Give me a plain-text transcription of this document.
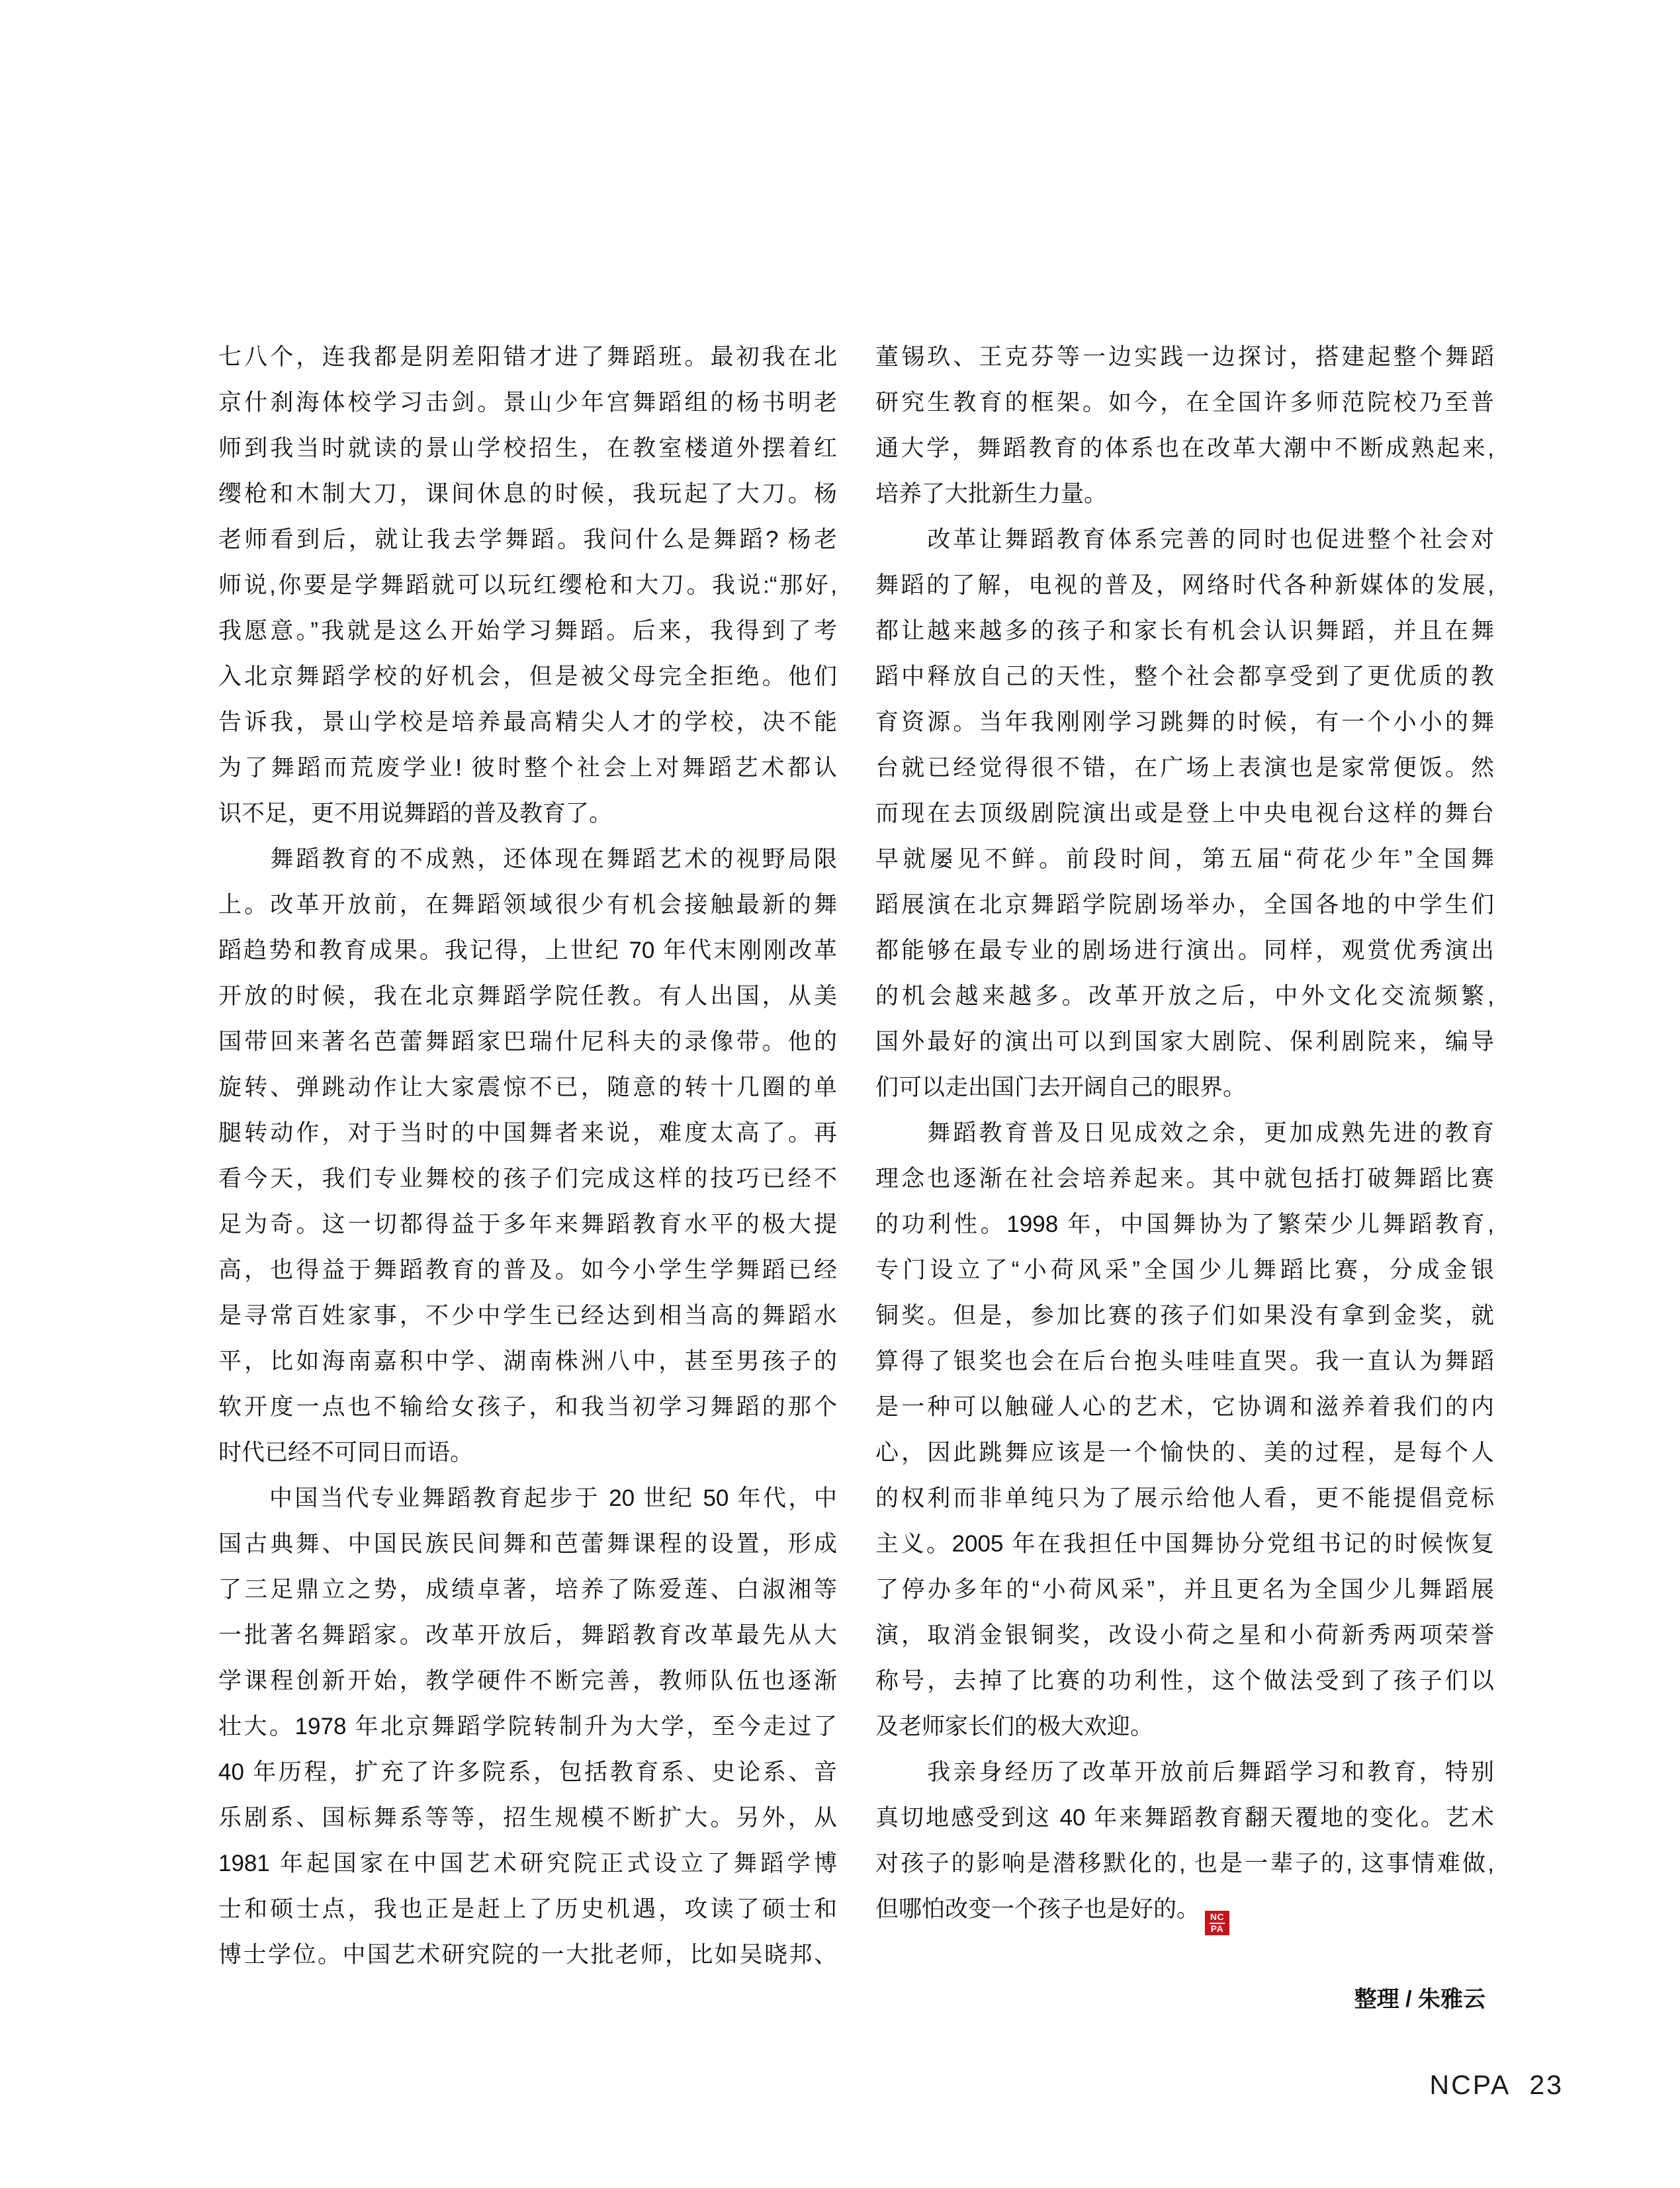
七八个，连我都是阴差阳错才进了舞蹈班。最初我在北
京什刹海体校学习击剑。景山少年宫舞蹈组的杨书明老
师到我当时就读的景山学校招生，在教室楼道外摆着红
缨枪和木制大刀，课间休息的时候，我玩起了大刀。杨
老师看到后，就让我去学舞蹈。我问什么是舞蹈? 杨老
师说,你要是学舞蹈就可以玩红缨枪和大刀。我说:“那好,
我愿意。”我就是这么开始学习舞蹈。后来，我得到了考
入北京舞蹈学校的好机会，但是被父母完全拒绝。他们
告诉我，景山学校是培养最高精尖人才的学校，决不能
为了舞蹈而荒废学业! 彼时整个社会上对舞蹈艺术都认
识不足，更不用说舞蹈的普及教育了。
　　舞蹈教育的不成熟，还体现在舞蹈艺术的视野局限
上。改革开放前，在舞蹈领域很少有机会接触最新的舞
蹈趋势和教育成果。我记得，上世纪 70 年代末刚刚改革
开放的时候，我在北京舞蹈学院任教。有人出国，从美
国带回来著名芭蕾舞蹈家巴瑞什尼科夫的录像带。他的
旋转、弹跳动作让大家震惊不已，随意的转十几圈的单
腿转动作，对于当时的中国舞者来说，难度太高了。再
看今天，我们专业舞校的孩子们完成这样的技巧已经不
足为奇。这一切都得益于多年来舞蹈教育水平的极大提
高，也得益于舞蹈教育的普及。如今小学生学舞蹈已经
是寻常百姓家事，不少中学生已经达到相当高的舞蹈水
平，比如海南嘉积中学、湖南株洲八中，甚至男孩子的
软开度一点也不输给女孩子，和我当初学习舞蹈的那个
时代已经不可同日而语。
　　中国当代专业舞蹈教育起步于 20 世纪 50 年代，中
国古典舞、中国民族民间舞和芭蕾舞课程的设置，形成
了三足鼎立之势，成绩卓著，培养了陈爱莲、白淑湘等
一批著名舞蹈家。改革开放后，舞蹈教育改革最先从大
学课程创新开始，教学硬件不断完善，教师队伍也逐渐
壮大。1978 年北京舞蹈学院转制升为大学，至今走过了
40 年历程，扩充了许多院系，包括教育系、史论系、音
乐剧系、国标舞系等等，招生规模不断扩大。另外，从
1981 年起国家在中国艺术研究院正式设立了舞蹈学博
士和硕士点，我也正是赶上了历史机遇，攻读了硕士和
博士学位。中国艺术研究院的一大批老师，比如吴晓邦、
董锡玖、王克芬等一边实践一边探讨，搭建起整个舞蹈
研究生教育的框架。如今，在全国许多师范院校乃至普
通大学，舞蹈教育的体系也在改革大潮中不断成熟起来,
培养了大批新生力量。
　　改革让舞蹈教育体系完善的同时也促进整个社会对
舞蹈的了解，电视的普及，网络时代各种新媒体的发展,
都让越来越多的孩子和家长有机会认识舞蹈，并且在舞
蹈中释放自己的天性，整个社会都享受到了更优质的教
育资源。当年我刚刚学习跳舞的时候，有一个小小的舞
台就已经觉得很不错，在广场上表演也是家常便饭。然
而现在去顶级剧院演出或是登上中央电视台这样的舞台
早就屡见不鲜。前段时间，第五届“荷花少年”全国舞
蹈展演在北京舞蹈学院剧场举办，全国各地的中学生们
都能够在最专业的剧场进行演出。同样，观赏优秀演出
的机会越来越多。改革开放之后，中外文化交流频繁,
国外最好的演出可以到国家大剧院、保利剧院来，编导
们可以走出国门去开阔自己的眼界。
　　舞蹈教育普及日见成效之余，更加成熟先进的教育
理念也逐渐在社会培养起来。其中就包括打破舞蹈比赛
的功利性。1998 年，中国舞协为了繁荣少儿舞蹈教育,
专门设立了“小荷风采”全国少儿舞蹈比赛，分成金银
铜奖。但是，参加比赛的孩子们如果没有拿到金奖，就
算得了银奖也会在后台抱头哇哇直哭。我一直认为舞蹈
是一种可以触碰人心的艺术，它协调和滋养着我们的内
心，因此跳舞应该是一个愉快的、美的过程，是每个人
的权利而非单纯只为了展示给他人看，更不能提倡竞标
主义。2005 年在我担任中国舞协分党组书记的时候恢复
了停办多年的“小荷风采”，并且更名为全国少儿舞蹈展
演，取消金银铜奖，改设小荷之星和小荷新秀两项荣誉
称号，去掉了比赛的功利性，这个做法受到了孩子们以
及老师家长们的极大欢迎。
　　我亲身经历了改革开放前后舞蹈学习和教育，特别
真切地感受到这 40 年来舞蹈教育翻天覆地的变化。艺术
对孩子的影响是潜移默化的, 也是一辈子的, 这事情难做,
但哪怕改变一个孩子也是好的。
$\frac{NC}{PA}$
整理 / 朱雅云
NCPA 23
